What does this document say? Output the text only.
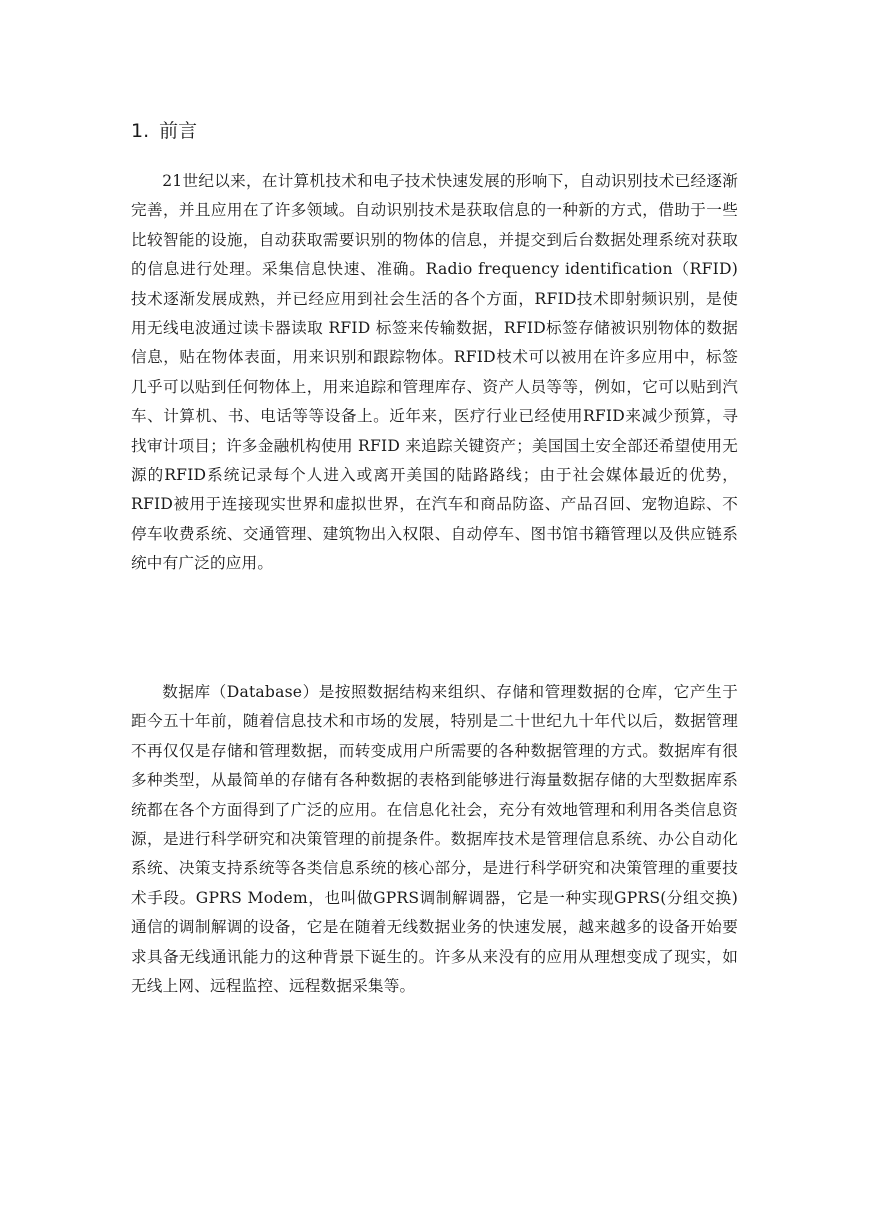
1. 前言

21世纪以来，在计算机技术和电子技术快速发展的形响下，自动识别技术已经逐渐完善，并且应用在了许多领域。自动识别技术是获取信息的一种新的方式，借助于一些比较智能的设施，自动获取需要识别的物体的信息，并提交到后台数据处理系统对获取的信息进行处理。采集信息快速、准确。Radio frequency identification（RFID)技术逐渐发展成熟，并已经应用到社会生活的各个方面，RFID技术即射频识别，是使用无线电波通过读卡器读取 RFID 标签来传输数据，RFID标签存储被识别物体的数据信息，贴在物体表面，用来识别和跟踪物体。RFID枝术可以被用在许多应用中，标签几乎可以贴到任何物体上，用来追踪和管理库存、资产人员等等，例如，它可以贴到汽车、计算机、书、电话等等设备上。近年来，医疗行业已经使用RFID来减少预算，寻找审计项目；许多金融机构使用 RFID 来追踪关键资产；美国国土安全部还希望使用无源的RFID系统记录每个人进入或离开美国的陆路路线；由于社会媒体最近的优势，RFID被用于连接现实世界和虚拟世界，在汽车和商品防盗、产品召回、宠物追踪、不停车收费系统、交通管理、建筑物出入权限、自动停车、图书馆书籍管理以及供应链系统中有广泛的应用。

数据库（Database）是按照数据结构来组织、存储和管理数据的仓库，它产生于距今五十年前，随着信息技术和市场的发展，特别是二十世纪九十年代以后，数据管理不再仅仅是存储和管理数据，而转变成用户所需要的各种数据管理的方式。数据库有很多种类型，从最简单的存储有各种数据的表格到能够进行海量数据存储的大型数据库系统都在各个方面得到了广泛的应用。在信息化社会，充分有效地管理和利用各类信息资源，是进行科学研究和决策管理的前提条件。数据库技术是管理信息系统、办公自动化系统、决策支持系统等各类信息系统的核心部分，是进行科学研究和决策管理的重要技术手段。GPRS Modem，也叫做GPRS调制解调器，它是一种实现GPRS(分组交换)通信的调制解调的设备，它是在随着无线数据业务的快速发展，越来越多的设备开始要求具备无线通讯能力的这种背景下诞生的。许多从来没有的应用从理想变成了现实，如无线上网、远程监控、远程数据采集等。
